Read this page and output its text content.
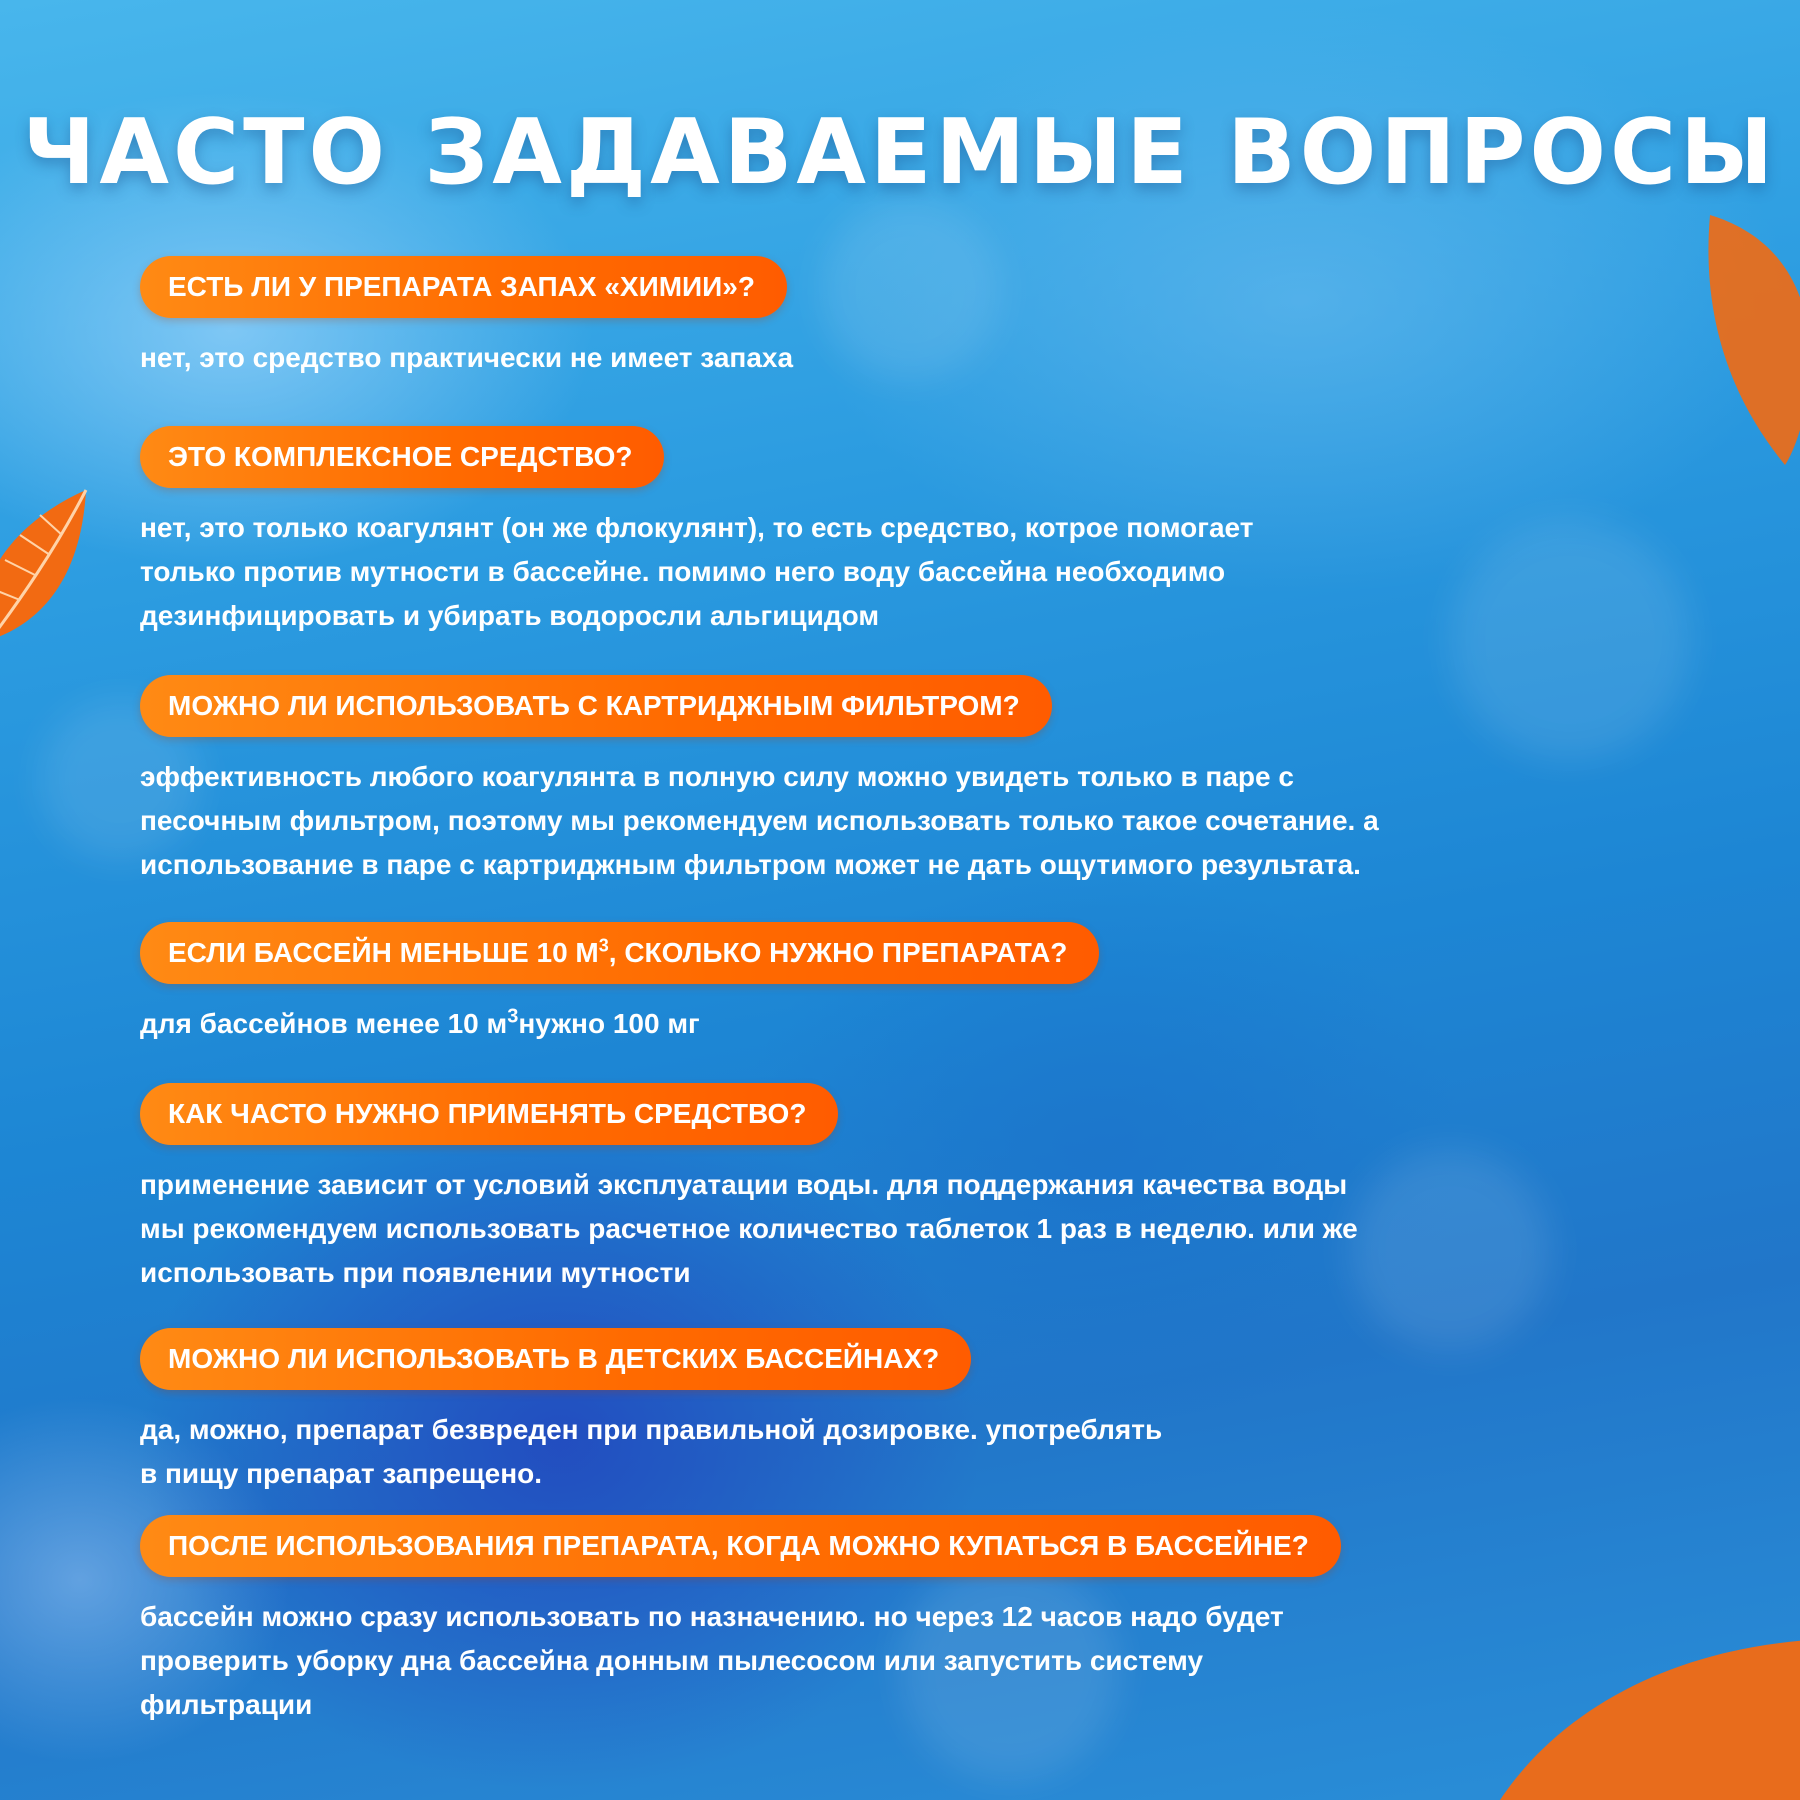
ЧАСТО ЗАДАВАЕМЫЕ ВОПРОСЫ
ЕСТЬ ЛИ У ПРЕПАРАТА ЗАПАХ «ХИМИИ»?
нет, это средство практически не имеет запаха
ЭТО КОМПЛЕКСНОЕ СРЕДСТВО?
нет, это только коагулянт (он же флокулянт), то есть средство, котрое помогает
только против мутности в бассейне. помимо него воду бассейна необходимо
дезинфицировать и убирать водоросли альгицидом
МОЖНО ЛИ ИСПОЛЬЗОВАТЬ С КАРТРИДЖНЫМ ФИЛЬТРОМ?
эффективность любого коагулянта в полную силу можно увидеть только в паре с
песочным фильтром, поэтому мы рекомендуем использовать только такое сочетание. а
использование в паре с картриджным фильтром может не дать ощутимого результата.
ЕСЛИ БАССЕЙН МЕНЬШЕ 10 $М^3$, СКОЛЬКО НУЖНО ПРЕПАРАТА?
для бассейнов менее 10 $м^3нужно$ 100 мг
КАК ЧАСТО НУЖНО ПРИМЕНЯТЬ СРЕДСТВО?
применение зависит от условий эксплуатации воды. для поддержания качества воды
мы рекомендуем использовать расчетное количество таблеток 1 раз в неделю. или же
использовать при появлении мутности
МОЖНО ЛИ ИСПОЛЬЗОВАТЬ В ДЕТСКИХ БАССЕЙНАХ?
да, можно, препарат безвреден при правильной дозировке. употреблять
в пищу препарат запрещено.
ПОСЛЕ ИСПОЛЬЗОВАНИЯ ПРЕПАРАТА, КОГДА МОЖНО КУПАТЬСЯ В БАССЕЙНЕ?
бассейн можно сразу использовать по назначению. но через 12 часов надо будет
проверить уборку дна бассейна донным пылесосом или запустить систему
фильтрации
